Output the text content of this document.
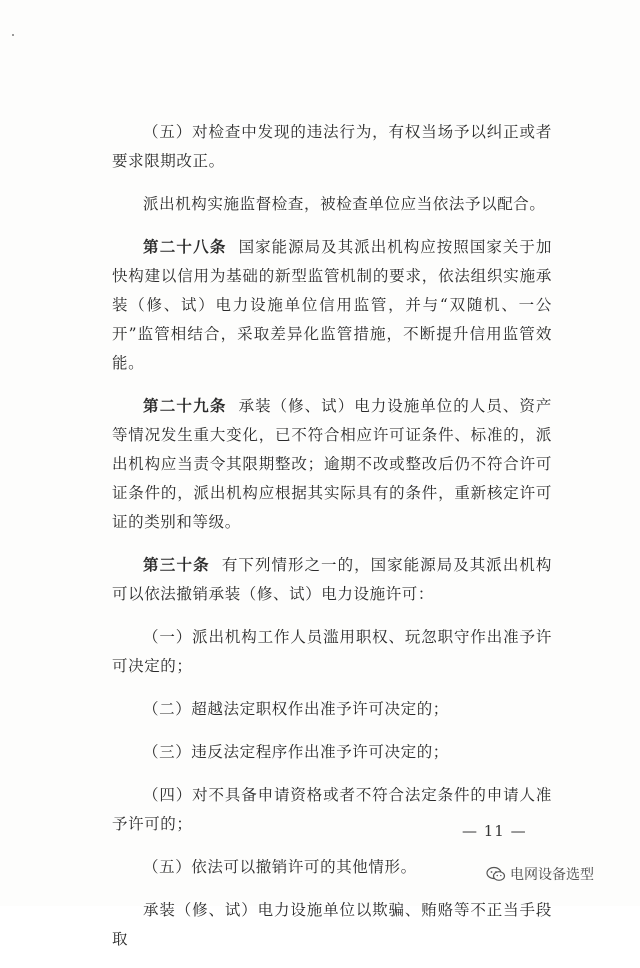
（五）对检查中发现的违法行为，有权当场予以纠正或者要求限期改正。

派出机构实施监督检查，被检查单位应当依法予以配合。

第二十八条 国家能源局及其派出机构应按照国家关于加快构建以信用为基础的新型监管机制的要求，依法组织实施承装（修、试）电力设施单位信用监管，并与“双随机、一公开”监管相结合，采取差异化监管措施，不断提升信用监管效能。

第二十九条 承装（修、试）电力设施单位的人员、资产等情况发生重大变化，已不符合相应许可证条件、标准的，派出机构应当责令其限期整改；逾期不改或整改后仍不符合许可证条件的，派出机构应根据其实际具有的条件，重新核定许可证的类别和等级。

第三十条 有下列情形之一的，国家能源局及其派出机构可以依法撤销承装（修、试）电力设施许可：

（一）派出机构工作人员滥用职权、玩忽职守作出准予许可决定的；

（二）超越法定职权作出准予许可决定的；

（三）违反法定程序作出准予许可决定的；

（四）对不具备申请资格或者不符合法定条件的申请人准予许可的；

（五）依法可以撤销许可的其他情形。

承装（修、试）电力设施单位以欺骗、贿赂等不正当手段取

— 11 —
电网设备选型
